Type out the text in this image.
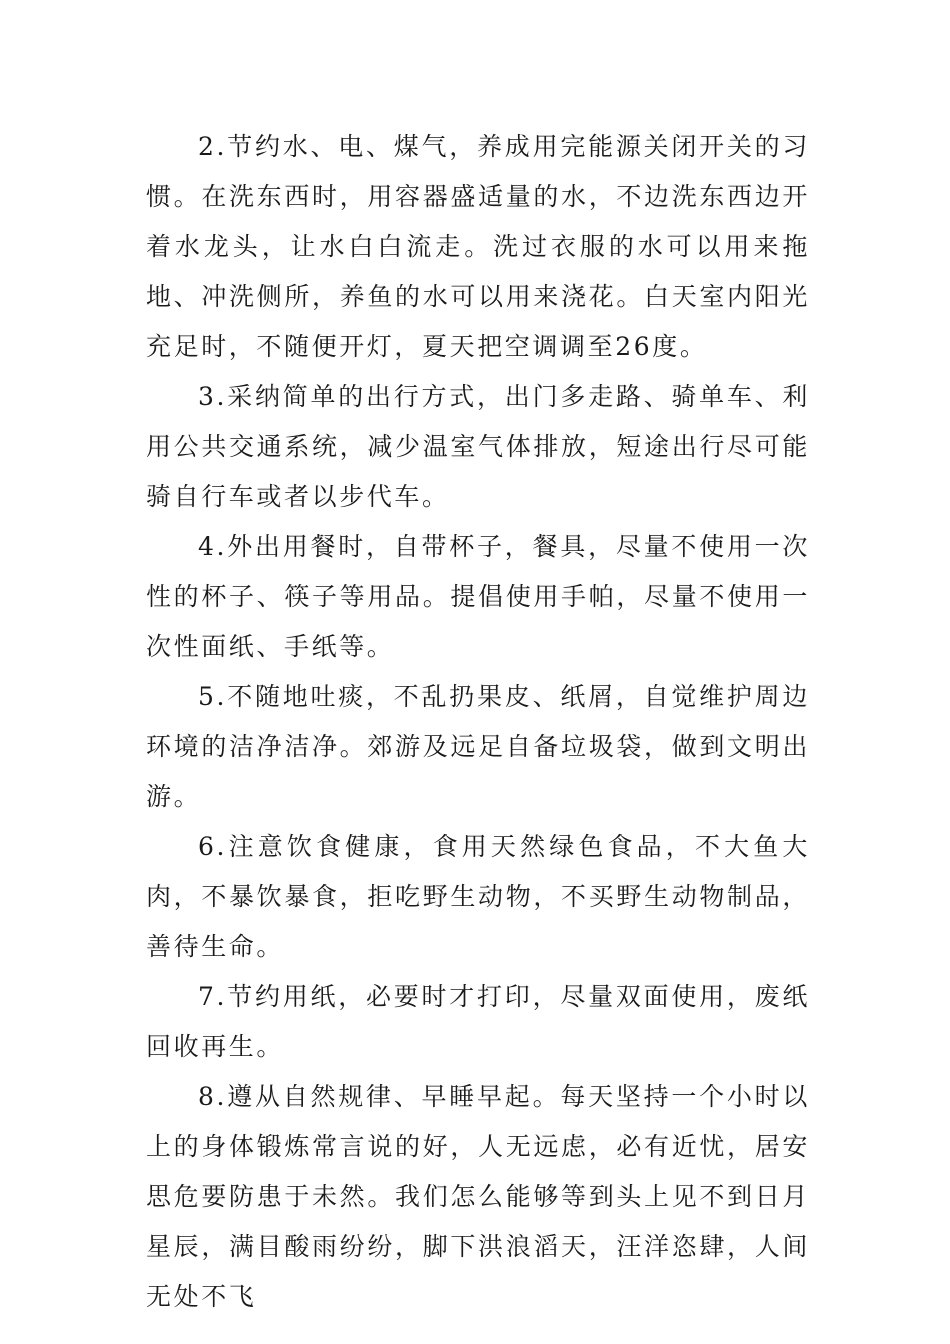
2.节约水、电、煤气，养成用完能源关闭开关的习惯。在洗东西时，用容器盛适量的水，不边洗东西边开着水龙头，让水白白流走。洗过衣服的水可以用来拖地、冲洗侧所，养鱼的水可以用来浇花。白天室内阳光充足时，不随便开灯，夏天把空调调至26度。

3.采纳简单的出行方式，出门多走路、骑单车、利用公共交通系统，减少温室气体排放，短途出行尽可能骑自行车或者以步代车。

4.外出用餐时，自带杯子，餐具，尽量不使用一次性的杯子、筷子等用品。提倡使用手帕，尽量不使用一次性面纸、手纸等。

5.不随地吐痰，不乱扔果皮、纸屑，自觉维护周边环境的洁净洁净。郊游及远足自备垃圾袋，做到文明出游。

6.注意饮食健康，食用天然绿色食品，不大鱼大肉，不暴饮暴食，拒吃野生动物，不买野生动物制品，善待生命。

7.节约用纸，必要时才打印，尽量双面使用，废纸回收再生。

8.遵从自然规律、早睡早起。每天坚持一个小时以上的身体锻炼常言说的好，人无远虑，必有近忧，居安思危要防患于未然。我们怎么能够等到头上见不到日月星辰，满目酸雨纷纷，脚下洪浪滔天，汪洋恣肆，人间无处不飞
